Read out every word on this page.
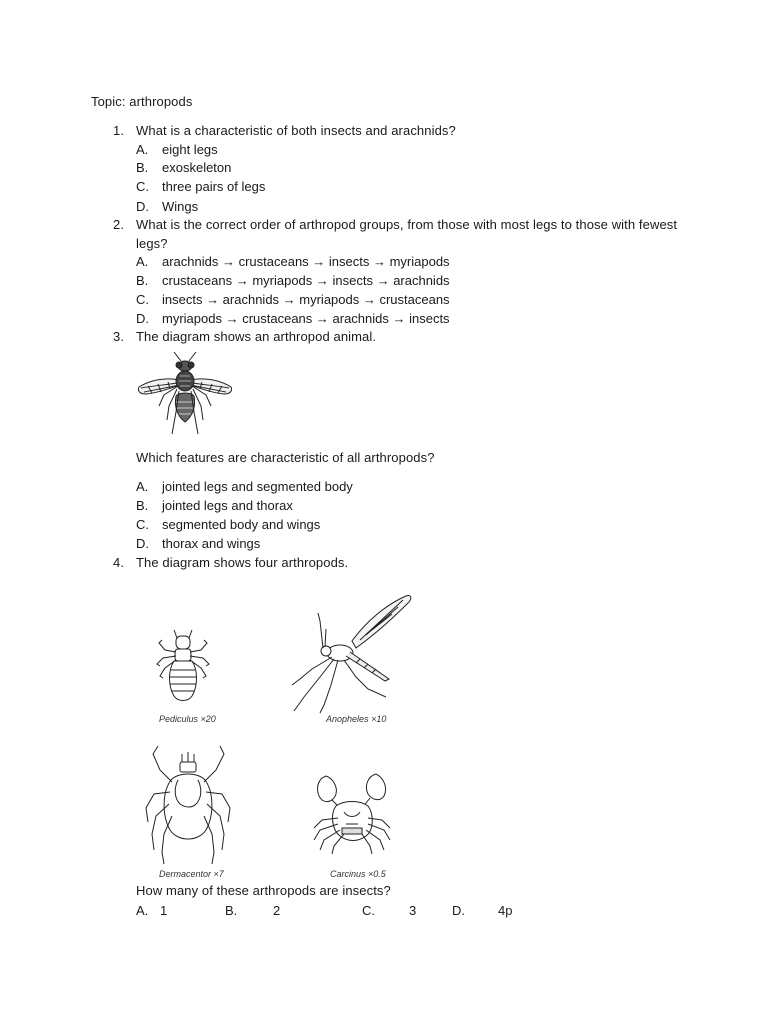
Topic: arthropods
1. What is a characteristic of both insects and arachnids?
A. eight legs
B. exoskeleton
C. three pairs of legs
D. Wings
2. What is the correct order of arthropod groups, from those with most legs to those with fewest
legs?
A. arachnids → crustaceans → insects → myriapods
B. crustaceans → myriapods → insects → arachnids
C. insects → arachnids → myriapods → crustaceans
D. myriapods → crustaceans → arachnids → insects
3. The diagram shows an arthropod animal.
Which features are characteristic of all arthropods?
A. jointed legs and segmented body
B. jointed legs and thorax
C. segmented body and wings
D. thorax and wings
4. The diagram shows four arthropods.
Pediculus ×20	Anopheles ×10
Dermacentor ×7	Carcinus ×0.5
How many of these arthropods are insects?
A. 1	B.	2	C.	3	D.	4p
